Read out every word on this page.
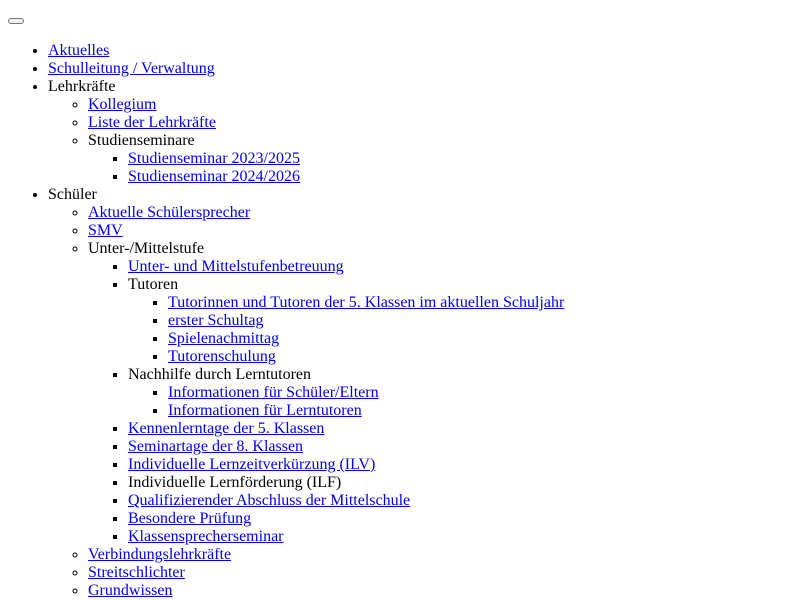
• Aktuelles
• Schulleitung / Verwaltung
• Lehrkräfte
◦ Kollegium
◦ Liste der Lehrkräfte
◦ Studienseminare
▪ Studienseminar 2023/2025
▪ Studienseminar 2024/2026
• Schüler
◦ Aktuelle Schülersprecher
◦ SMV
◦ Unter-/Mittelstufe
▪ Unter- und Mittelstufenbetreuung
▪ Tutoren
▪ Tutorinnen und Tutoren der 5. Klassen im aktuellen Schuljahr
▪ erster Schultag
▪ Spielenachmittag
▪ Tutorenschulung
▪ Nachhilfe durch Lerntutoren
▪ Informationen für Schüler/Eltern
▪ Informationen für Lerntutoren
▪ Kennenlerntage der 5. Klassen
▪ Seminartage der 8. Klassen
▪ Individuelle Lernzeitverkürzung (ILV)
▪ Individuelle Lernförderung (ILF)
▪ Qualifizierender Abschluss der Mittelschule
▪ Besondere Prüfung
▪ Klassensprecherseminar
◦ Verbindungslehrkräfte
◦ Streitschlichter
◦ Grundwissen
